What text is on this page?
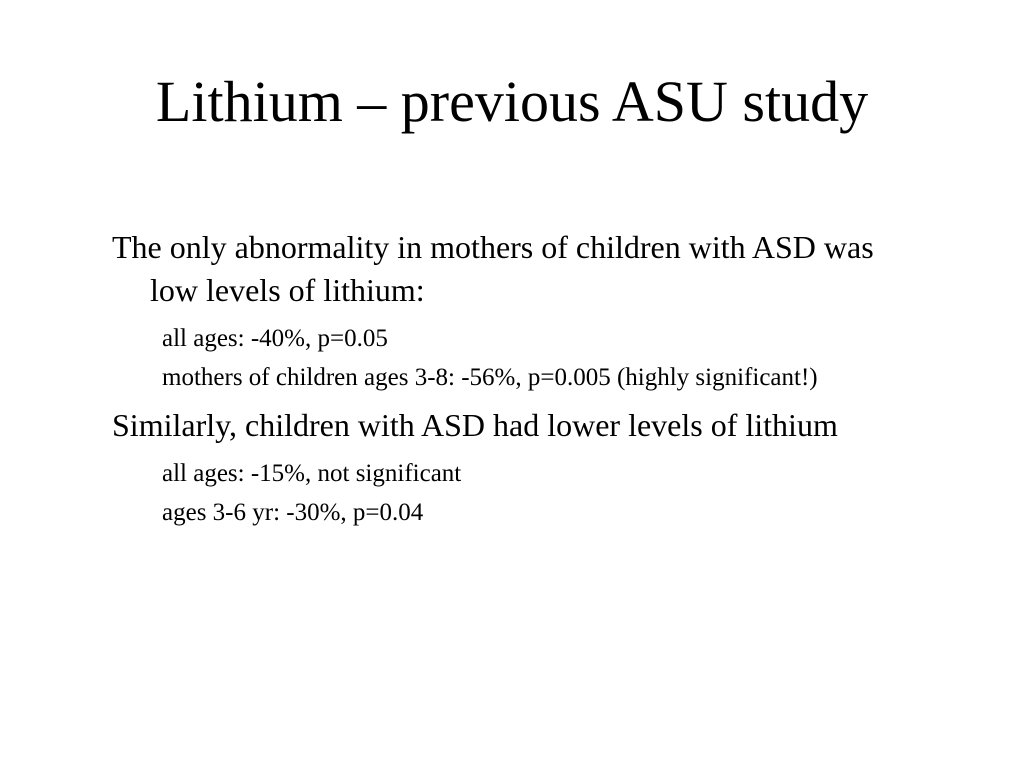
Lithium – previous ASU study
The only abnormality in mothers of children with ASD was low levels of lithium:
all ages: -40%, p=0.05
mothers of children ages 3-8: -56%, p=0.005 (highly significant!)
Similarly, children with ASD had lower levels of lithium
all ages: -15%, not significant
ages 3-6 yr: -30%, p=0.04
